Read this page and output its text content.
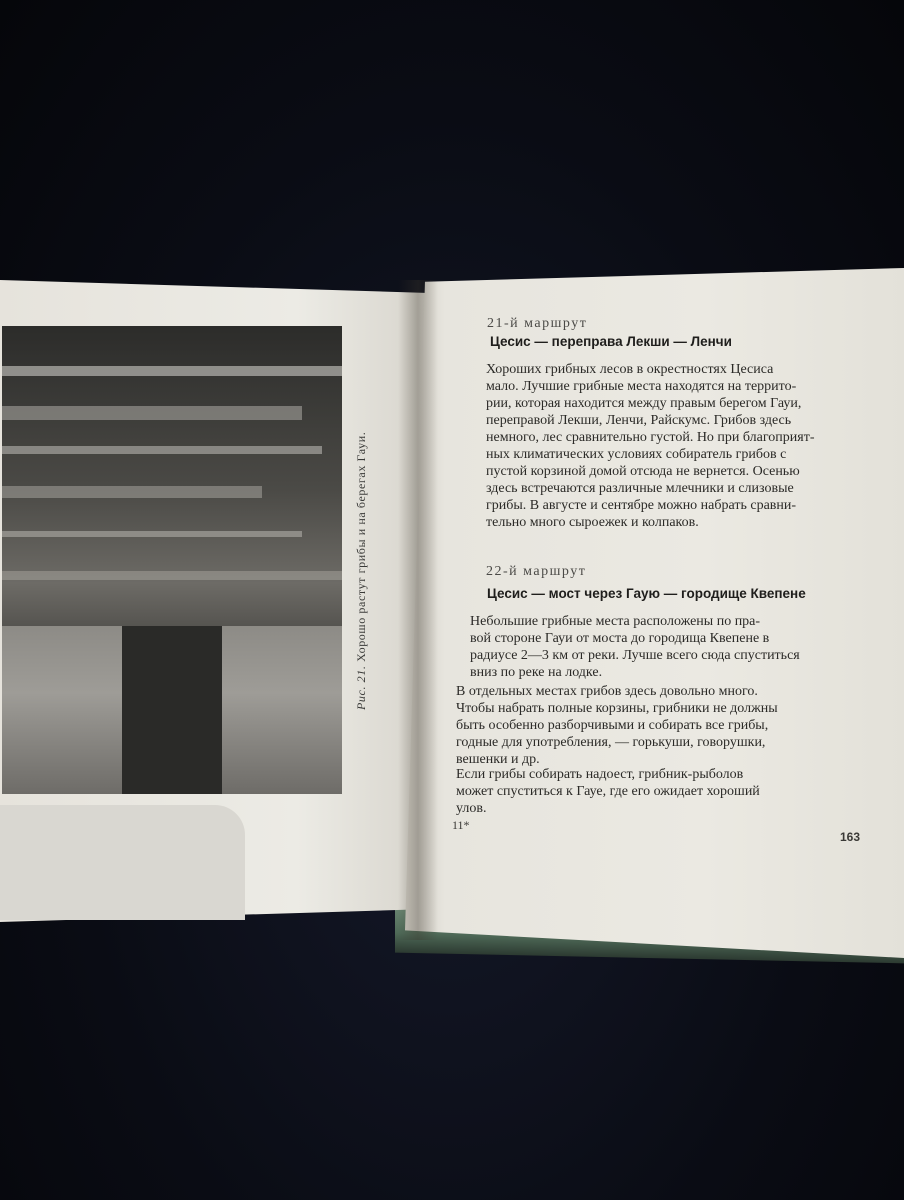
Рис. 21. Хорошо растут грибы и на берегах Гауи.
21-й маршрут
Цесис — переправа Лекши — Ленчи
Хороших грибных лесов в окрестностях Цесиса
мало. Лучшие грибные места находятся на террито-
рии, которая находится между правым берегом Гауи,
переправой Лекши, Ленчи, Райскумс. Грибов здесь
немного, лес сравнительно густой. Но при благоприят-
ных климатических условиях собиратель грибов с
пустой корзиной домой отсюда не вернется. Осенью
здесь встречаются различные млечники и слизовые
грибы. В августе и сентябре можно набрать сравни-
тельно много сыроежек и колпаков.
22-й маршрут
Цесис — мост через Гаую — городище Квепене
Небольшие грибные места расположены по пра-
вой стороне Гауи от моста до городища Квепене в
радиусе 2—3 км от реки. Лучше всего сюда спуститься
вниз по реке на лодке.
В отдельных местах грибов здесь довольно много.
Чтобы набрать полные корзины, грибники не должны
быть особенно разборчивыми и собирать все грибы,
годные для употребления, — горькуши, говорушки,
вешенки и др.
Если грибы собирать надоест, грибник-рыболов
может спуститься к Гауе, где его ожидает хороший
улов.
11*
163
